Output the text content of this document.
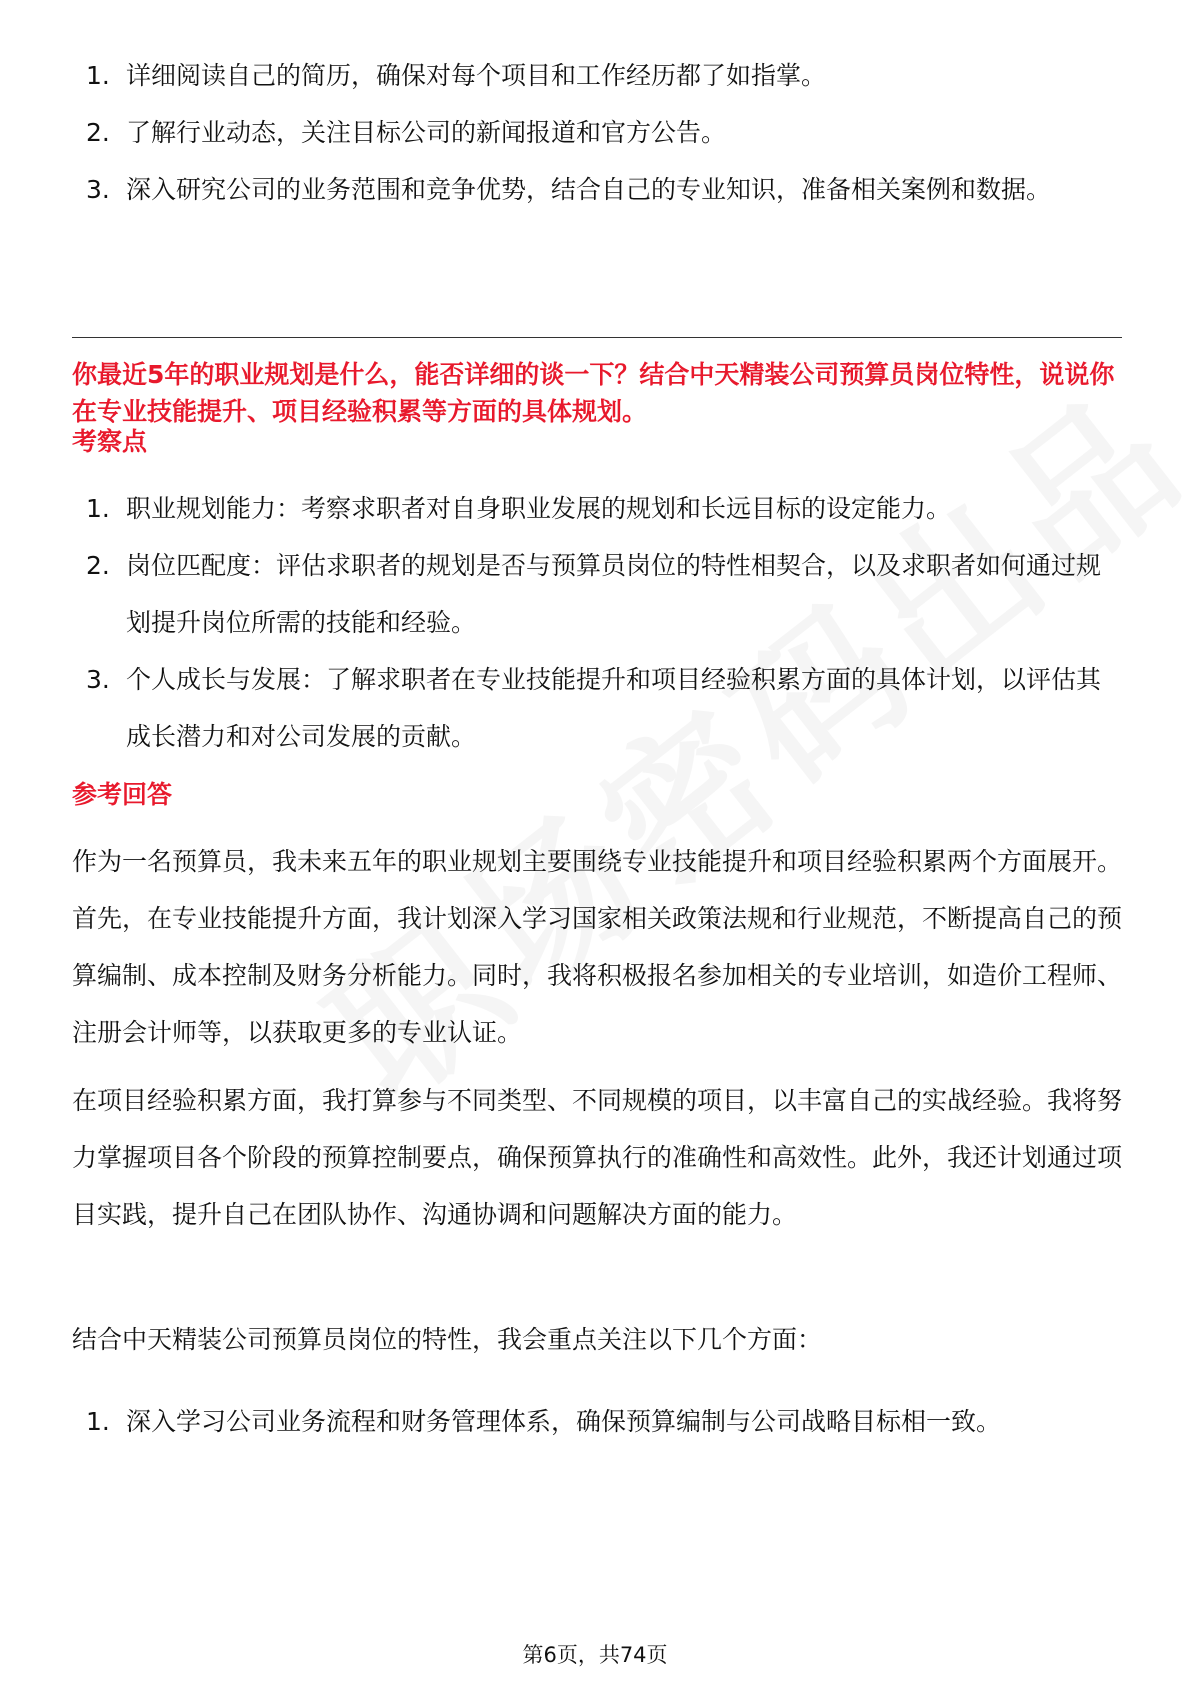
1. 详细阅读自己的简历，确保对每个项目和工作经历都了如指掌。
2. 了解行业动态，关注目标公司的新闻报道和官方公告。
3. 深入研究公司的业务范围和竞争优势，结合自己的专业知识，准备相关案例和数据。
你最近5年的职业规划是什么，能否详细的谈一下？结合中天精装公司预算员岗位特性，说说你在专业技能提升、项目经验积累等方面的具体规划。
考察点
1. 职业规划能力：考察求职者对自身职业发展的规划和长远目标的设定能力。
2. 岗位匹配度：评估求职者的规划是否与预算员岗位的特性相契合，以及求职者如何通过规划提升岗位所需的技能和经验。
3. 个人成长与发展：了解求职者在专业技能提升和项目经验积累方面的具体计划，以评估其成长潜力和对公司发展的贡献。
参考回答

作为一名预算员，我未来五年的职业规划主要围绕专业技能提升和项目经验积累两个方面展开。首先，在专业技能提升方面，我计划深入学习国家相关政策法规和行业规范，不断提高自己的预算编制、成本控制及财务分析能力。同时，我将积极报名参加相关的专业培训，如造价工程师、注册会计师等，以获取更多的专业认证。

在项目经验积累方面，我打算参与不同类型、不同规模的项目，以丰富自己的实战经验。我将努力掌握项目各个阶段的预算控制要点，确保预算执行的准确性和高效性。此外，我还计划通过项目实践，提升自己在团队协作、沟通协调和问题解决方面的能力。

结合中天精装公司预算员岗位的特性，我会重点关注以下几个方面：

1. 深入学习公司业务流程和财务管理体系，确保预算编制与公司战略目标相一致。
第6页，共74页
